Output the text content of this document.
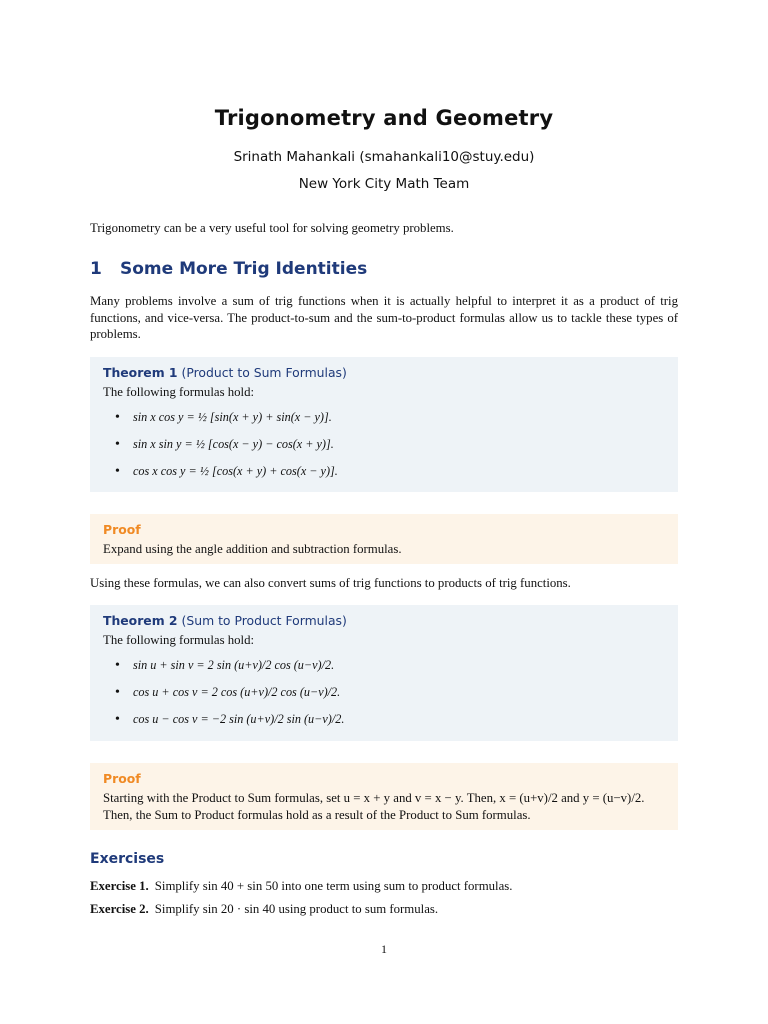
Trigonometry and Geometry
Srinath Mahankali (smahankali10@stuy.edu)
New York City Math Team
Trigonometry can be a very useful tool for solving geometry problems.
1 Some More Trig Identities
Many problems involve a sum of trig functions when it is actually helpful to interpret it as a product of trig functions, and vice-versa. The product-to-sum and the sum-to-product formulas allow us to tackle these types of problems.
Theorem 1 (Product to Sum Formulas)
The following formulas hold:
• sin x cos y = ½ [sin(x + y) + sin(x − y)].
• sin x sin y = ½ [cos(x − y) − cos(x + y)].
• cos x cos y = ½ [cos(x + y) + cos(x − y)].
Proof
Expand using the angle addition and subtraction formulas.
Using these formulas, we can also convert sums of trig functions to products of trig functions.
Theorem 2 (Sum to Product Formulas)
The following formulas hold:
• sin u + sin v = 2 sin (u+v)/2 cos (u−v)/2.
• cos u + cos v = 2 cos (u+v)/2 cos (u−v)/2.
• cos u − cos v = −2 sin (u+v)/2 sin (u−v)/2.
Proof
Starting with the Product to Sum formulas, set u = x + y and v = x − y. Then, x = (u+v)/2 and y = (u−v)/2. Then, the Sum to Product formulas hold as a result of the Product to Sum formulas.
Exercises
Exercise 1. Simplify sin 40 + sin 50 into one term using sum to product formulas.
Exercise 2. Simplify sin 20 · sin 40 using product to sum formulas.
1
